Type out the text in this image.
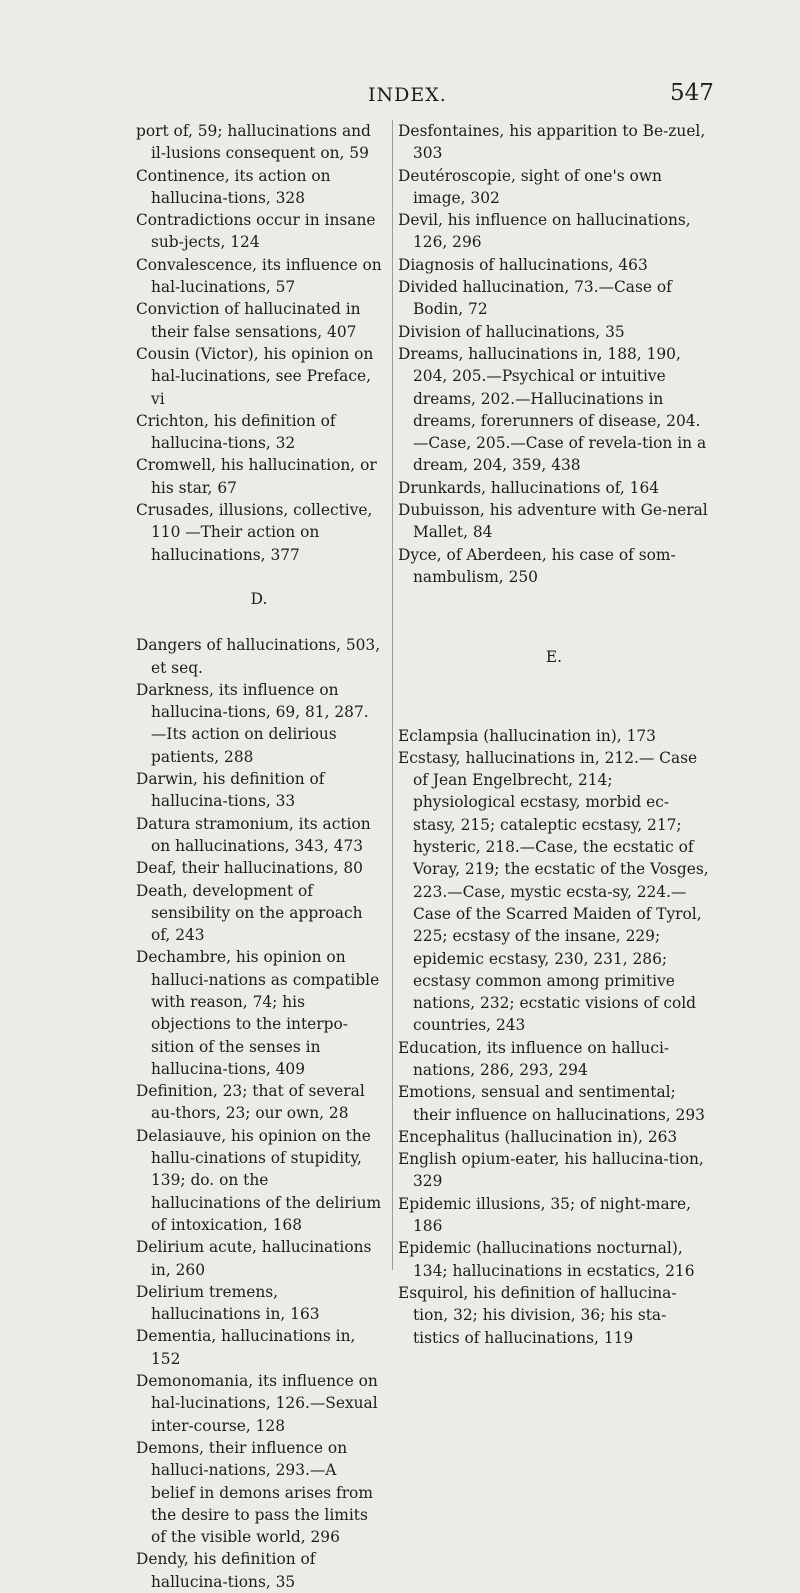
INDEX.	547

port of, 59; hallucinations and il-lusions consequent on, 59

Continence, its action on hallucina-tions, 328

Contradictions occur in insane sub-jects, 124

Convalescence, its influence on hal-lucinations, 57

Conviction of hallucinated in their false sensations, 407

Cousin (Victor), his opinion on hal-lucinations, see Preface, vi

Crichton, his definition of hallucina-tions, 32

Cromwell, his hallucination, or his star, 67

Crusades, illusions, collective, 110 —Their action on hallucinations, 377

D.

Dangers of hallucinations, 503, et seq.

Darkness, its influence on hallucina-tions, 69, 81, 287.—Its action on delirious patients, 288

Darwin, his definition of hallucina-tions, 33

Datura stramonium, its action on hallucinations, 343, 473

Deaf, their hallucinations, 80

Death, development of sensibility on the approach of, 243

Dechambre, his opinion on halluci-nations as compatible with reason, 74; his objections to the interpo-sition of the senses in hallucina-tions, 409

Definition, 23; that of several au-thors, 23; our own, 28

Delasiauve, his opinion on the hallu-cinations of stupidity, 139; do. on the hallucinations of the delirium of intoxication, 168

Delirium acute, hallucinations in, 260

Delirium tremens, hallucinations in, 163

Dementia, hallucinations in, 152

Demonomania, its influence on hal-lucinations, 126.—Sexual inter-course, 128

Demons, their influence on halluci-nations, 293.—A belief in demons arises from the desire to pass the limits of the visible world, 296

Dendy, his definition of hallucina-tions, 35

Desfontaines, his apparition to Be-zuel, 303

Deutéroscopie, sight of one's own image, 302

Devil, his influence on hallucinations, 126, 296

Diagnosis of hallucinations, 463

Divided hallucination, 73.—Case of Bodin, 72

Division of hallucinations, 35

Dreams, hallucinations in, 188, 190, 204, 205.—Psychical or intuitive dreams, 202.—Hallucinations in dreams, forerunners of disease, 204.—Case, 205.—Case of revela-tion in a dream, 204, 359, 438

Drunkards, hallucinations of, 164

Dubuisson, his adventure with Ge-neral Mallet, 84

Dyce, of Aberdeen, his case of som-nambulism, 250

E.

Eclampsia (hallucination in), 173

Ecstasy, hallucinations in, 212.— Case of Jean Engelbrecht, 214; physiological ecstasy, morbid ec-stasy, 215; cataleptic ecstasy, 217; hysteric, 218.—Case, the ecstatic of Voray, 219; the ecstatic of the Vosges, 223.—Case, mystic ecsta-sy, 224.—Case of the Scarred Maiden of Tyrol, 225; ecstasy of the insane, 229; epidemic ecstasy, 230, 231, 286; ecstasy common among primitive nations, 232; ecstatic visions of cold countries, 243

Education, its influence on halluci-nations, 286, 293, 294

Emotions, sensual and sentimental; their influence on hallucinations, 293

Encephalitus (hallucination in), 263

English opium-eater, his hallucina-tion, 329

Epidemic illusions, 35; of night-mare, 186

Epidemic (hallucinations nocturnal), 134; hallucinations in ecstatics, 216

Esquirol, his definition of hallucina-tion, 32; his division, 36; his sta-tistics of hallucinations, 119
